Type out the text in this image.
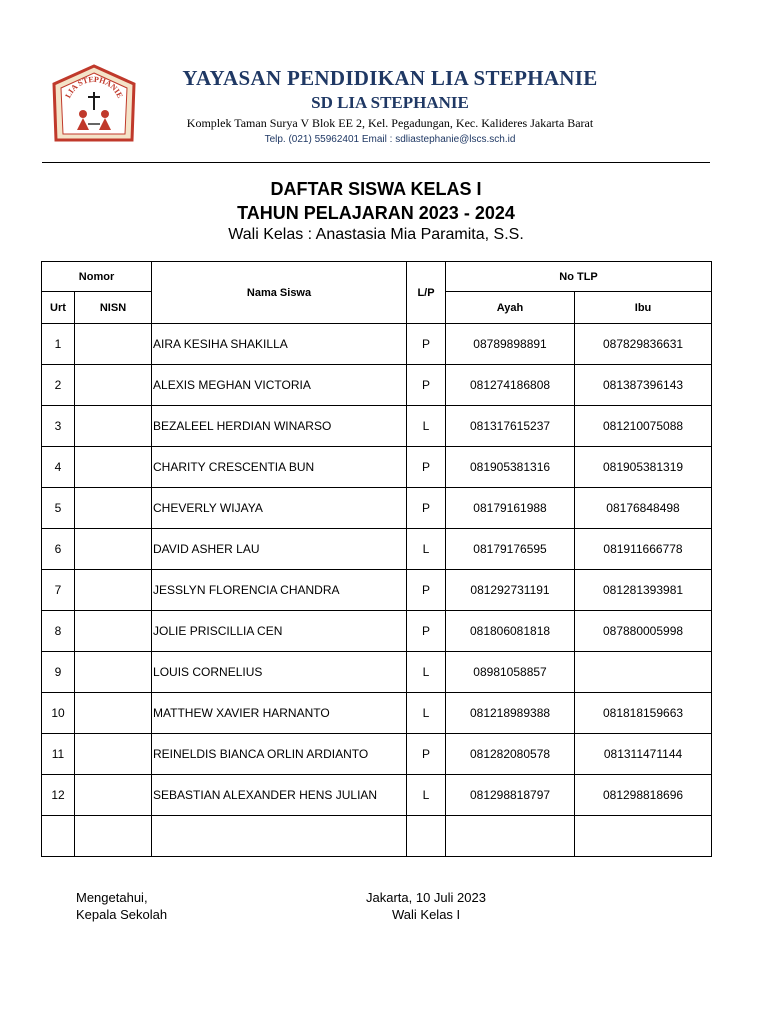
LIA STEPHANIE
YAYASAN PENDIDIKAN LIA STEPHANIE
SD LIA STEPHANIE
Komplek Taman Surya V Blok EE 2, Kel. Pegadungan, Kec. Kalideres Jakarta Barat
Telp. (021) 55962401 Email : sdliastephanie@lscs.sch.id
DAFTAR SISWA KELAS I
TAHUN PELAJARAN 2023 - 2024
Wali Kelas : Anastasia Mia Paramita, S.S.
Nomor		Nama Siswa	L/P	No TLP	
Urt	NISN			Ayah	Ibu
1		AIRA KESIHA SHAKILLA	P	08789898891	087829836631
2		ALEXIS MEGHAN VICTORIA	P	081274186808	081387396143
3		BEZALEEL HERDIAN WINARSO	L	081317615237	081210075088
4		CHARITY CRESCENTIA BUN	P	081905381316	081905381319
5		CHEVERLY WIJAYA	P	08179161988	08176848498
6		DAVID ASHER LAU	L	08179176595	081911666778
7		JESSLYN FLORENCIA CHANDRA	P	081292731191	081281393981
8		JOLIE PRISCILLIA CEN	P	081806081818	087880005998
9		LOUIS CORNELIUS	L	08981058857	
10		MATTHEW XAVIER HARNANTO	L	081218989388	081818159663
11		REINELDIS BIANCA ORLIN ARDIANTO	P	081282080578	081311471144
12		SEBASTIAN ALEXANDER HENS JULIAN	L	081298818797	081298818696

Mengetahui,
Kepala Sekolah
Jakarta, 10 Juli 2023
Wali Kelas I
